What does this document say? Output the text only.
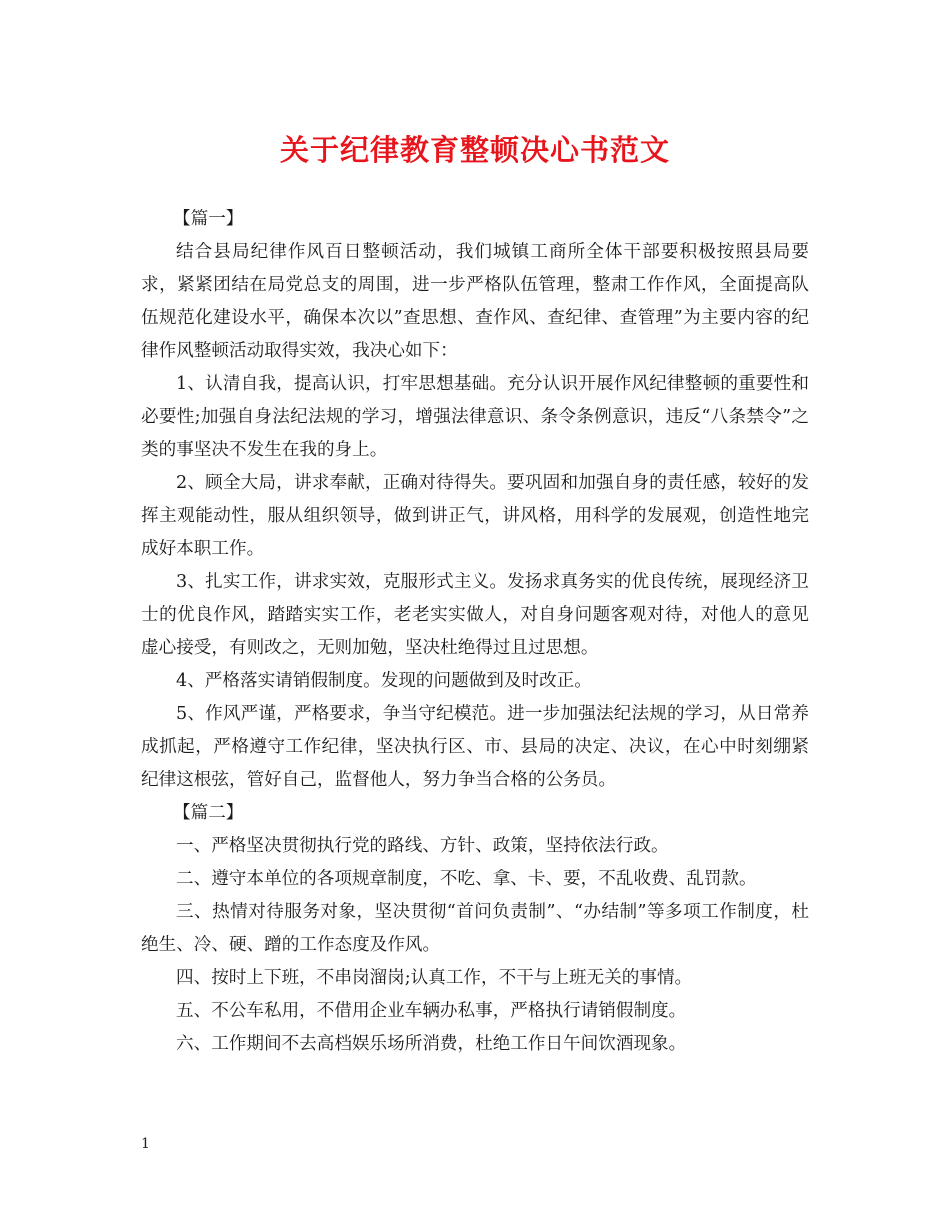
关于纪律教育整顿决心书范文

【篇一】

结合县局纪律作风百日整顿活动，我们城镇工商所全体干部要积极按照县局要求，紧紧团结在局党总支的周围，进一步严格队伍管理，整肃工作作风，全面提高队伍规范化建设水平，确保本次以”查思想、查作风、查纪律、查管理”为主要内容的纪律作风整顿活动取得实效，我决心如下：

1、认清自我，提高认识，打牢思想基础。充分认识开展作风纪律整顿的重要性和必要性;加强自身法纪法规的学习，增强法律意识、条令条例意识，违反“八条禁令”之类的事坚决不发生在我的身上。

2、顾全大局，讲求奉献，正确对待得失。要巩固和加强自身的责任感，较好的发挥主观能动性，服从组织领导，做到讲正气，讲风格，用科学的发展观，创造性地完成好本职工作。

3、扎实工作，讲求实效，克服形式主义。发扬求真务实的优良传统，展现经济卫士的优良作风，踏踏实实工作，老老实实做人，对自身问题客观对待，对他人的意见虚心接受，有则改之，无则加勉，坚决杜绝得过且过思想。

4、严格落实请销假制度。发现的问题做到及时改正。

5、作风严谨，严格要求，争当守纪模范。进一步加强法纪法规的学习，从日常养成抓起，严格遵守工作纪律，坚决执行区、市、县局的决定、决议，在心中时刻绷紧纪律这根弦，管好自己，监督他人，努力争当合格的公务员。

【篇二】

一、严格坚决贯彻执行党的路线、方针、政策，坚持依法行政。

二、遵守本单位的各项规章制度，不吃、拿、卡、要，不乱收费、乱罚款。

三、热情对待服务对象，坚决贯彻“首问负责制”、“办结制”等多项工作制度，杜绝生、冷、硬、蹭的工作态度及作风。

四、按时上下班，不串岗溜岗;认真工作，不干与上班无关的事情。

五、不公车私用，不借用企业车辆办私事，严格执行请销假制度。

六、工作期间不去高档娱乐场所消费，杜绝工作日午间饮酒现象。

1
